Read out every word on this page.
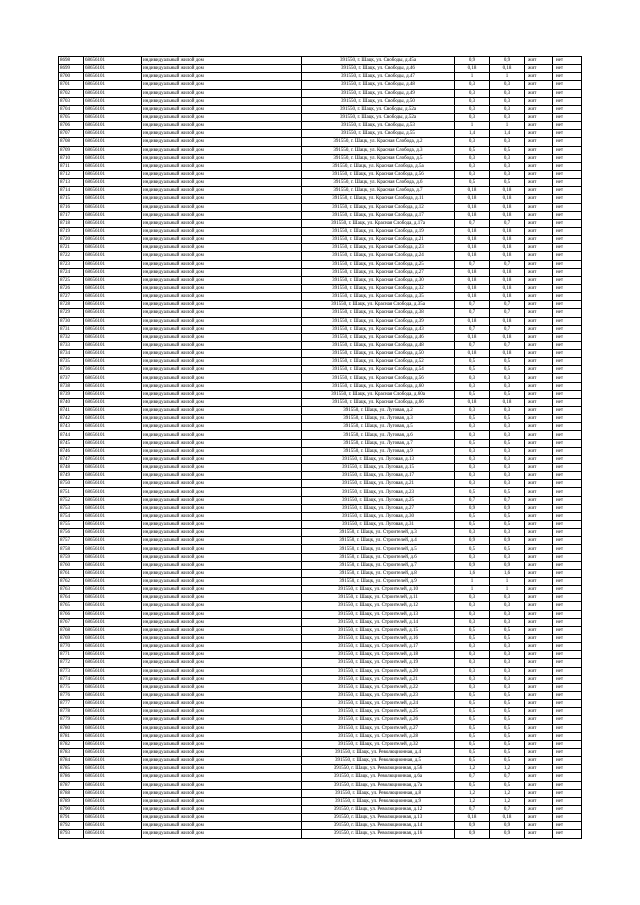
8698	68656101	индивидуальный жилой дом	391550, г. Шацк, ул. Свободы, д.45а	0,9	0,9	жит	нет
8699	68656101	индивидуальный жилой дом	391550, г. Шацк, ул. Свободы, д.46	0,18	0,18	жит	нет
8700	68656101	индивидуальный жилой дом	391550, г. Шацк, ул. Свободы, д.47	1	1	жит	нет
8701	68656101	индивидуальный жилой дом	391550, г. Шацк, ул. Свободы, д.48	0,3	0,3	жит	нет
8702	68656101	индивидуальный жилой дом	391550, г. Шацк, ул. Свободы, д.49	0,3	0,3	жит	нет
8703	68656101	индивидуальный жилой дом	391550, г. Шацк, ул. Свободы, д.50	0,3	0,3	жит	нет
8704	68656101	индивидуальный жилой дом	391550, г. Шацк, ул. Свободы, д.52а	0,3	0,3	жит	нет
8705	68656101	индивидуальный жилой дом	391550, г. Шацк, ул. Свободы, д.52а	0,3	0,3	жит	нет
8706	68656101	индивидуальный жилой дом	391550, г. Шацк, ул. Свободы, д.53	1	1	жит	нет
8707	68656101	индивидуальный жилой дом	391550, г. Шацк, ул. Свободы, д.55	1,4	1,4	жит	нет
8708	68656101	индивидуальный жилой дом	391550, г. Шацк, ул. Красная Слобода, д.2	0,3	0,3	жит	нет
8709	68656101	индивидуальный жилой дом	391550, г. Шацк, ул. Красная Слобода, д.3	0,5	0,5	жит	нет
8710	68656101	индивидуальный жилой дом	391550, г. Шацк, ул. Красная Слобода, д.5	0,3	0,3	жит	нет
8711	68656101	индивидуальный жилой дом	391550, г. Шацк, ул. Красная Слобода, д.5а	0,3	0,3	жит	нет
8712	68656101	индивидуальный жилой дом	391550, г. Шацк, ул. Красная Слобода, д.56	0,3	0,3	жит	нет
8713	68656101	индивидуальный жилой дом	391550, г. Шацк, ул. Красная Слобода, д.6	0,5	0,5	жит	нет
8714	68656101	индивидуальный жилой дом	391550, г. Шацк, ул. Красная Слобода, д.7	0,18	0,18	жит	нет
8715	68656101	индивидуальный жилой дом	391550, г. Шацк, ул. Красная Слобода, д.11	0,18	0,18	жит	нет
8716	68656101	индивидуальный жилой дом	391550, г. Шацк, ул. Красная Слобода, д.12	0,18	0,18	жит	нет
8717	68656101	индивидуальный жилой дом	391550, г. Шацк, ул. Красная Слобода, д.17	0,18	0,18	жит	нет
8718	68656101	индивидуальный жилой дом	391550, г. Шацк, ул. Красная Слобода, д.17а	0,7	0,7	жит	нет
8719	68656101	индивидуальный жилой дом	391550, г. Шацк, ул. Красная Слобода, д.19	0,18	0,18	жит	нет
8720	68656101	индивидуальный жилой дом	391550, г. Шацк, ул. Красная Слобода, д.21	0,18	0,18	жит	нет
8721	68656101	индивидуальный жилой дом	391550, г. Шацк, ул. Красная Слобода, д.23	0,18	0,18	жит	нет
8722	68656101	индивидуальный жилой дом	391550, г. Шацк, ул. Красная Слобода, д.24	0,18	0,18	жит	нет
8723	68656101	индивидуальный жилой дом	391550, г. Шацк, ул. Красная Слобода, д.25	0,7	0,7	жит	нет
8724	68656101	индивидуальный жилой дом	391550, г. Шацк, ул. Красная Слобода, д.27	0,18	0,18	жит	нет
8725	68656101	индивидуальный жилой дом	391550, г. Шацк, ул. Красная Слобода, д.30	0,18	0,18	жит	нет
8726	68656101	индивидуальный жилой дом	391550, г. Шацк, ул. Красная Слобода, д.32	0,18	0,18	жит	нет
8727	68656101	индивидуальный жилой дом	391550, г. Шацк, ул. Красная Слобода, д.35	0,18	0,18	жит	нет
8728	68656101	индивидуальный жилой дом	391550, г. Шацк, ул. Красная Слобода, д.35а	0,7	0,7	жит	нет
8729	68656101	индивидуальный жилой дом	391550, г. Шацк, ул. Красная Слобода, д.38	0,7	0,7	жит	нет
8730	68656101	индивидуальный жилой дом	391550, г. Шацк, ул. Красная Слобода, д.39	0,18	0,18	жит	нет
8731	68656101	индивидуальный жилой дом	391550, г. Шацк, ул. Красная Слобода, д.43	0,7	0,7	жит	нет
8732	68656101	индивидуальный жилой дом	391550, г. Шацк, ул. Красная Слобода, д.46	0,18	0,18	жит	нет
8733	68656101	индивидуальный жилой дом	391550, г. Шацк, ул. Красная Слобода, д.48	0,7	0,7	жит	нет
8734	68656101	индивидуальный жилой дом	391550, г. Шацк, ул. Красная Слобода, д.50	0,18	0,18	жит	нет
8735	68656101	индивидуальный жилой дом	391550, г. Шацк, ул. Красная Слобода, д.52	0,5	0,5	жит	нет
8736	68656101	индивидуальный жилой дом	391550, г. Шацк, ул. Красная Слобода, д.54	0,5	0,5	жит	нет
8737	68656101	индивидуальный жилой дом	391550, г. Шацк, ул. Красная Слобода, д.56	0,3	0,3	жит	нет
8738	68656101	индивидуальный жилой дом	391550, г. Шацк, ул. Красная Слобода, д.60	0,3	0,3	жит	нет
8739	68656101	индивидуальный жилой дом	391550, г. Шацк, ул. Красная Слобода, д.60а	0,5	0,5	жит	нет
8740	68656101	индивидуальный жилой дом	391550, г. Шацк, ул. Красная Слобода, д.66	0,18	0,18	жит	нет
8741	68656101	индивидуальный жилой дом	391550, г. Шацк, ул. Луговая, д.2	0,3	0,3	жит	нет
8742	68656101	индивидуальный жилой дом	391550, г. Шацк, ул. Луговая, д.3	0,5	0,5	жит	нет
8743	68656101	индивидуальный жилой дом	391550, г. Шацк, ул. Луговая, д.5	0,3	0,3	жит	нет
8744	68656101	индивидуальный жилой дом	391550, г. Шацк, ул. Луговая, д.6	0,3	0,3	жит	нет
8745	68656101	индивидуальный жилой дом	391550, г. Шацк, ул. Луговая, д.7	0,5	0,5	жит	нет
8746	68656101	индивидуальный жилой дом	391550, г. Шацк, ул. Луговая, д.9	0,3	0,3	жит	нет
8747	68656101	индивидуальный жилой дом	391550, г. Шацк, ул. Луговая, д.13	0,3	0,3	жит	нет
8748	68656101	индивидуальный жилой дом	391550, г. Шацк, ул. Луговая, д.15	0,3	0,3	жит	нет
8749	68656101	индивидуальный жилой дом	391550, г. Шацк, ул. Луговая, д.17	0,3	0,3	жит	нет
8750	68656101	индивидуальный жилой дом	391550, г. Шацк, ул. Луговая, д.21	0,3	0,3	жит	нет
8751	68656101	индивидуальный жилой дом	391550, г. Шацк, ул. Луговая, д.23	0,5	0,5	жит	нет
8752	68656101	индивидуальный жилой дом	391550, г. Шацк, ул. Луговая, д.25	0,7	0,7	жит	нет
8753	68656101	индивидуальный жилой дом	391550, г. Шацк, ул. Луговая, д.27	0,9	0,9	жит	нет
8754	68656101	индивидуальный жилой дом	391550, г. Шацк, ул. Луговая, д.30	0,5	0,5	жит	нет
8755	68656101	индивидуальный жилой дом	391550, г. Шацк, ул. Луговая, д.31	0,5	0,5	жит	нет
8756	68656101	индивидуальный жилой дом	391550, г. Шацк, ул. Строителей, д.3	0,3	0,3	жит	нет
8757	68656101	индивидуальный жилой дом	391550, г. Шацк, ул. Строителей, д.4	0,9	0,9	жит	нет
8758	68656101	индивидуальный жилой дом	391550, г. Шацк, ул. Строителей, д.5	0,5	0,5	жит	нет
8759	68656101	индивидуальный жилой дом	391550, г. Шацк, ул. Строителей, д.6	0,3	0,3	жит	нет
8760	68656101	индивидуальный жилой дом	391550, г. Шацк, ул. Строителей, д.7	0,9	0,9	жит	нет
8761	68656101	индивидуальный жилой дом	391550, г. Шацк, ул. Строителей, д.8	1,6	1,6	жит	нет
8762	68656101	индивидуальный жилой дом	391550, г. Шацк, ул. Строителей, д.9	1	1	жит	нет
8763	68656101	индивидуальный жилой дом	391550, г. Шацк, ул. Строителей, д.10	1	1	жит	нет
8764	68656101	индивидуальный жилой дом	391550, г. Шацк, ул. Строителей, д.11	0,3	0,3	жит	нет
8765	68656101	индивидуальный жилой дом	391550, г. Шацк, ул. Строителей, д.12	0,3	0,3	жит	нет
8766	68656101	индивидуальный жилой дом	391550, г. Шацк, ул. Строителей, д.13	0,3	0,3	жит	нет
8767	68656101	индивидуальный жилой дом	391550, г. Шацк, ул. Строителей, д.14	0,3	0,3	жит	нет
8768	68656101	индивидуальный жилой дом	391550, г. Шацк, ул. Строителей, д.15	0,5	0,5	жит	нет
8769	68656101	индивидуальный жилой дом	391550, г. Шацк, ул. Строителей, д.16	0,5	0,5	жит	нет
8770	68656101	индивидуальный жилой дом	391550, г. Шацк, ул. Строителей, д.17	0,3	0,3	жит	нет
8771	68656101	индивидуальный жилой дом	391550, г. Шацк, ул. Строителей, д.18	0,3	0,3	жит	нет
8772	68656101	индивидуальный жилой дом	391550, г. Шацк, ул. Строителей, д.19	0,3	0,3	жит	нет
8773	68656101	индивидуальный жилой дом	391550, г. Шацк, ул. Строителей, д.20	0,3	0,3	жит	нет
8774	68656101	индивидуальный жилой дом	391550, г. Шацк, ул. Строителей, д.21	0,3	0,3	жит	нет
8775	68656101	индивидуальный жилой дом	391550, г. Шацк, ул. Строителей, д.22	0,3	0,3	жит	нет
8776	68656101	индивидуальный жилой дом	391550, г. Шацк, ул. Строителей, д.23	0,5	0,5	жит	нет
8777	68656101	индивидуальный жилой дом	391550, г. Шацк, ул. Строителей, д.24	0,5	0,5	жит	нет
8778	68656101	индивидуальный жилой дом	391550, г. Шацк, ул. Строителей, д.25	0,5	0,5	жит	нет
8779	68656101	индивидуальный жилой дом	391550, г. Шацк, ул. Строителей, д.26	0,5	0,5	жит	нет
8780	68656101	индивидуальный жилой дом	391550, г. Шацк, ул. Строителей, д.27	0,5	0,5	жит	нет
8781	68656101	индивидуальный жилой дом	391550, г. Шацк, ул. Строителей, д.28	0,5	0,5	жит	нет
8782	68656101	индивидуальный жилой дом	391550, г. Шацк, ул. Строителей, д.32	0,5	0,5	жит	нет
8783	68656101	индивидуальный жилой дом	391550, г. Шацк, ул. Революционная, д.4	0,5	0,5	жит	нет
8784	68656101	индивидуальный жилой дом	391550, г. Шацк, ул. Революционная, д.5	0,5	0,5	жит	нет
8785	68656101	индивидуальный жилой дом	391550, г. Шацк, ул. Революционная, д.56	1,2	1,2	жит	нет
8786	68656101	индивидуальный жилой дом	391550, г. Шацк, ул. Революционная, д.6а	0,7	0,7	жит	нет
8787	68656101	индивидуальный жилой дом	391550, г. Шацк, ул. Революционная, д.7а	0,5	0,5	жит	нет
8788	68656101	индивидуальный жилой дом	391550, г. Шацк, ул. Революционная, д.8	1,2	1,2	жит	нет
8789	68656101	индивидуальный жилой дом	391550, г. Шацк, ул. Революционная, д.9	1,2	1,2	жит	нет
8790	68656101	индивидуальный жилой дом	391550, г. Шацк, ул. Революционная, д.12	0,7	0,7	жит	нет
8791	68656101	индивидуальный жилой дом	391550, г. Шацк, ул. Революционная, д.13	0,18	0,18	жит	нет
8792	68656101	индивидуальный жилой дом	391550, г. Шацк, ул. Революционная, д.14	0,9	0,9	жит	нет
8793	68656101	индивидуальный жилой дом	391550, г. Шацк, ул. Революционная, д.16	0,9	0,9	жит	нет
